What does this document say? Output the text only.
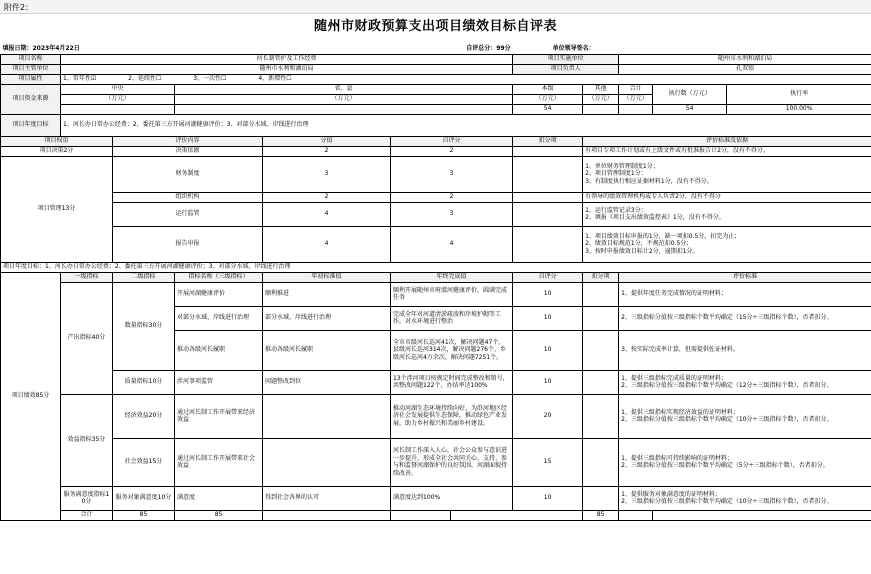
附件2：
随州市财政预算支出项目绩效目标自评表
填报日期：2023年4月22日				自评总分：99分			单位领导签名：				
项目名称	河长制管护及工作经费						项目实施单位		随州市水利和湖泊局		
项目主管单位	随州市水利和湖泊局						项目负责人		孔双银		
项目属性	1、常年性☑ 2、延续性☐ 3、一次性☐ 4、新增性☐										
项目资金来源	中央		省、县				本级	其他	合计	执行数（万元）	执行率
	（万元）		（万元）				（万元）	（万元）	（万元）		
							54			54	100.00%
项目年度目标	1、河长办日常办公经费；2、委托第三方开展河湖健康评价；3、对部分水域、岸线进行治理										
项目权重		评价内容		分值	自评分		扣分项	评价标准及依据			
项目决策2分		决策依据		2	2			有项目专项工作计划或有上级文件或有批准报告计2分，没有不得分。			

项目管理13分		财务制度		3	3			1、单位财务管理制度1分；
2、项目管理制度1分；
3、有制度执行相应证据材料1分，没有不得分。			

		组织机构		2	2			有领导的绩效管理机构或专人负责2分，没有不得分			

		运行监管		4	3			1、运行监管记录3分；
2、填报《项目支出绩效监控表》1分，没有不得分。			

		报告申报		4	4			1、项目绩效目标申报的1分，缺一项扣0.5分，扣完为止；
2、绩效目标规范1分，不规范扣0.5分；
3、按时申报绩效目标计2分，逾期扣1分。			

项目年度目标：1、河长办日常办公经费；2、委托第三方开展河湖健康评价；3、对部分水域、岸线进行治理											
项目绩效85分	一级指标	二级指标	指标名称（三级指标）	年初标准值	年终完成值		自评分	扣分项	评价标准		
	产出指标40分	数量指标30分	开展河湖健康评价	顺利推进	顺利开展随州市府澴河健康评价，圆满完成任务		10		1、提供年度任务完成情况的证明材料；		

			对部分水域、岸线进行治理	部分水域、岸线进行治理	完成全年对河道清淤疏浚和岸坡护砌等工作，对水环境进行整治		10		2、三级指标分值按三级指标个数平均确定（15分÷三级指标个数），否者扣分。		

			推动各级河长履职	推动各级河长履职	全市市级河长巡河41次，解决问题47个，县级河长巡河314次，解决问题276个，乡级河长巡河4万余次，解决问题7251个。		10		3、按实际完成率计算，但需提供佐证材料。		

		质量指标10分	涉河事项监管	问题整改到位	13个涉河项目按规定时间完成整改和销号，共整改问题122个，办结率达100%		10		1、提供三级指标完成质量的证明材料；
2、三级指标分值按三级指标个数平均确定（12分÷三级指标个数），否者扣分。		

	效益指标35分	经济效益20分	通过河长制工作开展带来经济效益		推动河湖生态环境持续向好，为沿河地区经济社会发展提供生态保障，推动绿色产业发展，助力乡村振兴和美丽乡村建设。		20		1、提供三级指标实现经济效益的证明材料；
2、三级指标分值按三级指标个数平均确定（10分÷三级指标个数），否者扣分。		

		社会效益15分	通过河长制工作开展带来社会效益		河长制工作深入人心，社会公众参与意识进一步提升，形成全社会共同关心、支持、参与和监督河湖保护的良好氛围，河湖面貌持续改善。		15		1、提供三级指标可持续影响的证明材料；
2、三级指标分值按三级指标个数平均确定（5分÷三级指标个数），否者扣分。		

	服务满意度指标10分	服务对象满意度10分	满意度	得到社会各界的认可	满意度达到100%		10		1、提供服务对象满意度的证明材料；
2、三级指标分值按三级指标个数平均确定（10分÷三级指标个数），否者扣分。		

	合计	85	85					85			
